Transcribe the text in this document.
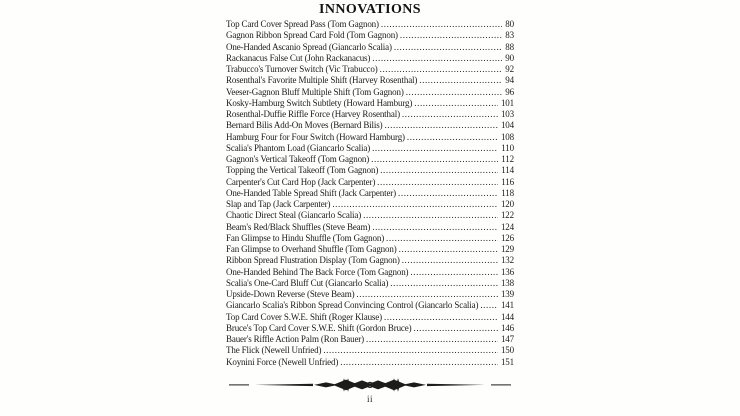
INNOVATIONS
Top Card Cover Spread Pass (Tom Gagnon) .....	80
Gagnon Ribbon Spread Card Fold (Tom Gagnon) .....	83
One-Handed Ascanio Spread (Giancarlo Scalia) .....	88
Rackanacus False Cut (John Rackanacus) .....	90
Trabucco's Turnover Switch (Vic Trabucco) .....	92
Rosenthal's Favorite Multiple Shift (Harvey Rosenthal) .....	94
Veeser-Gagnon Bluff Multiple Shift (Tom Gagnon) .....	96
Kosky-Hamburg Switch Subtlety (Howard Hamburg) .....	101
Rosenthal-Duffie Riffle Force (Harvey Rosenthal) .....	103
Bernard Bilis Add-On Moves (Bernard Bilis) .....	104
Hamburg Four for Four Switch (Howard Hamburg) .....	108
Scalia's Phantom Load (Giancarlo Scalia) .....	110
Gagnon's Vertical Takeoff (Tom Gagnon) .....	112
Topping the Vertical Takeoff (Tom Gagnon) .....	114
Carpenter's Cut Card Hop (Jack Carpenter) .....	116
One-Handed Table Spread Shift (Jack Carpenter) .....	118
Slap and Tap (Jack Carpenter) .....	120
Chaotic Direct Steal (Giancarlo Scalia) .....	122
Beam's Red/Black Shuffles (Steve Beam) .....	124
Fan Glimpse to Hindu Shuffle (Tom Gagnon) .....	126
Fan Glimpse to Overhand Shuffle (Tom Gagnon) .....	129
Ribbon Spread Flustration Display (Tom Gagnon) .....	132
One-Handed Behind The Back Force (Tom Gagnon) .....	136
Scalia's One-Card Bluff Cut (Giancarlo Scalia) .....	138
Upside-Down Reverse (Steve Beam) .....	139
Giancarlo Scalia's Ribbon Spread Convincing Control (Giancarlo Scalia) .....	141
Top Card Cover S.W.E. Shift (Roger Klause) .....	144
Bruce's Top Card Cover S.W.E. Shift (Gordon Bruce) .....	146
Bauer's Riffle Action Palm (Ron Bauer) .....	147
The Flick (Newell Unfried) .....	150
Koynini Force (Newell Unfried) .....	151
ii
